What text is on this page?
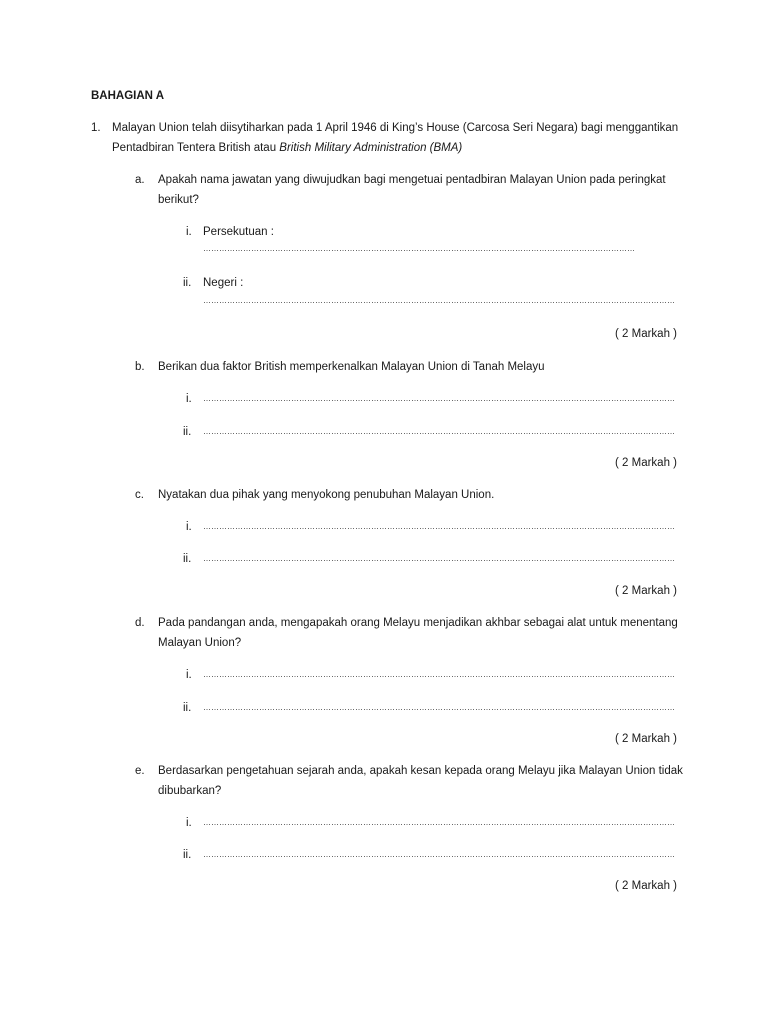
BAHAGIAN A
1. Malayan Union telah diisytiharkan pada 1 April 1946 di King’s House (Carcosa Seri Negara) bagi menggantikan
Pentadbiran Tentera British atau British Military Administration (BMA)
a. Apakah nama jawatan yang diwujudkan bagi mengetuai pentadbiran Malayan Union pada peringkat
berikut?
i. Persekutuan :
………………………………………………………………………………………………………………………………………………
ii. Negeri :
……………………………………………………………………………………………………………………………………………………………
( 2 Markah )
b. Berikan dua faktor British memperkenalkan Malayan Union di Tanah Melayu
i. ……………………………………………………………………………………………………………………………………………………………
ii. ……………………………………………………………………………………………………………………………………………………………
( 2 Markah )
c. Nyatakan dua pihak yang menyokong penubuhan Malayan Union.
i. ……………………………………………………………………………………………………………………………………………………………
ii. ……………………………………………………………………………………………………………………………………………………………
( 2 Markah )
d. Pada pandangan anda, mengapakah orang Melayu menjadikan akhbar sebagai alat untuk menentang
Malayan Union?
i. ……………………………………………………………………………………………………………………………………………………………
ii. ……………………………………………………………………………………………………………………………………………………………
( 2 Markah )
e. Berdasarkan pengetahuan sejarah anda, apakah kesan kepada orang Melayu jika Malayan Union tidak
dibubarkan?
i. ……………………………………………………………………………………………………………………………………………………………
ii. ……………………………………………………………………………………………………………………………………………………………
( 2 Markah )
